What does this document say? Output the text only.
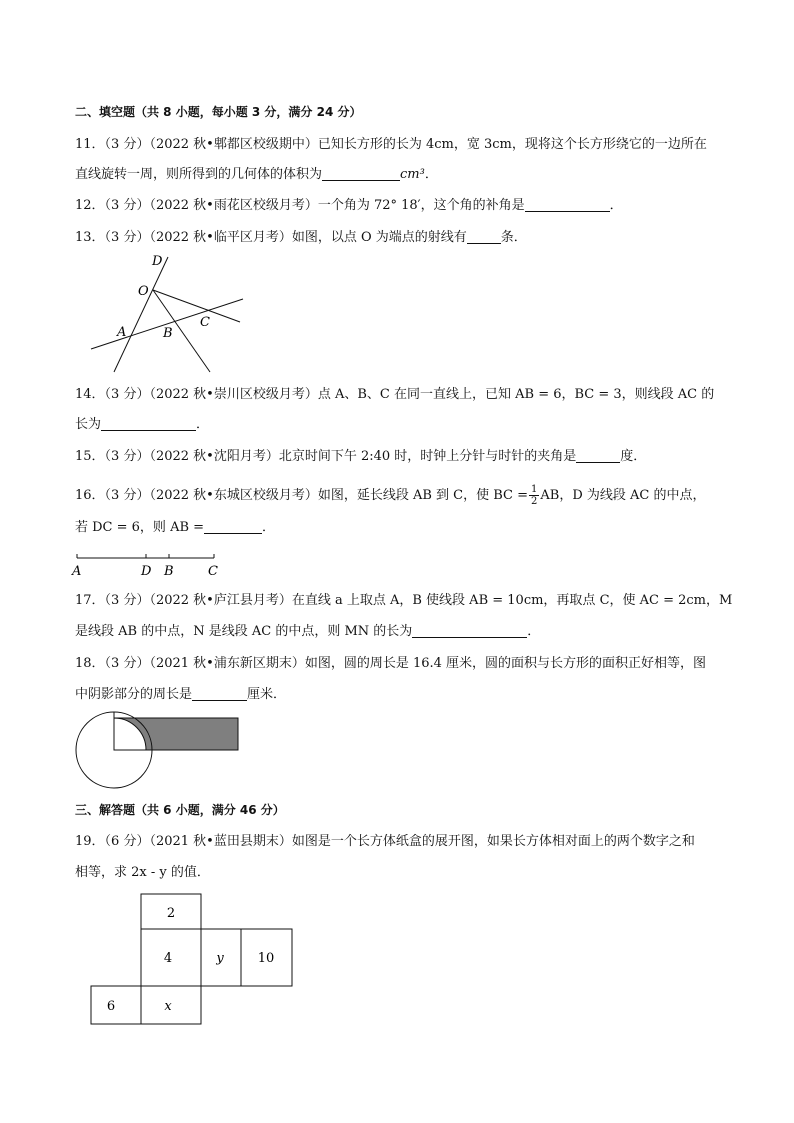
二、填空题（共 8 小题，每小题 3 分，满分 24 分）
11．（3 分）（2022 秋•郫都区校级期中）已知长方形的长为 4cm，宽 3cm，现将这个长方形绕它的一边所在
直线旋转一周，则所得到的几何体的体积为	cm³．
12．（3 分）（2022 秋•雨花区校级月考）一个角为 72° 18′，这个角的补角是	．
13．（3 分）（2022 秋•临平区月考）如图，以点 O 为端点的射线有	条．
D
O
A	B
C
14．（3 分）（2022 秋•崇川区校级月考）点 A、B、C 在同一直线上，已知 AB = 6，BC = 3，则线段 AC 的
长为	．
15．（3 分）（2022 秋•沈阳月考）北京时间下午 2:40 时，时钟上分针与时针的夹角是	度．
16．（3 分）（2022 秋•东城区校级月考）如图，延长线段 AB 到 C，使 BC = $\frac{1}{2}$ AB，D 为线段 AC 的中点，
若 DC = 6，则 AB =	．
A	D B	C
17．（3 分）（2022 秋•庐江县月考）在直线 a 上取点 A，B 使线段 AB = 10cm，再取点 C，使 AC = 2cm，M
是线段 AB 的中点，N 是线段 AC 的中点，则 MN 的长为	．
18．（3 分）（2021 秋•浦东新区期末）如图，圆的周长是 16.4 厘米，圆的面积与长方形的面积正好相等，图
中阴影部分的周长是	厘米．
三、解答题（共 6 小题，满分 46 分）
19．（6 分）（2021 秋•蓝田县期末）如图是一个长方体纸盒的展开图，如果长方体相对面上的两个数字之和
相等，求 2x - y 的值．
2
4	y	10
6	x
